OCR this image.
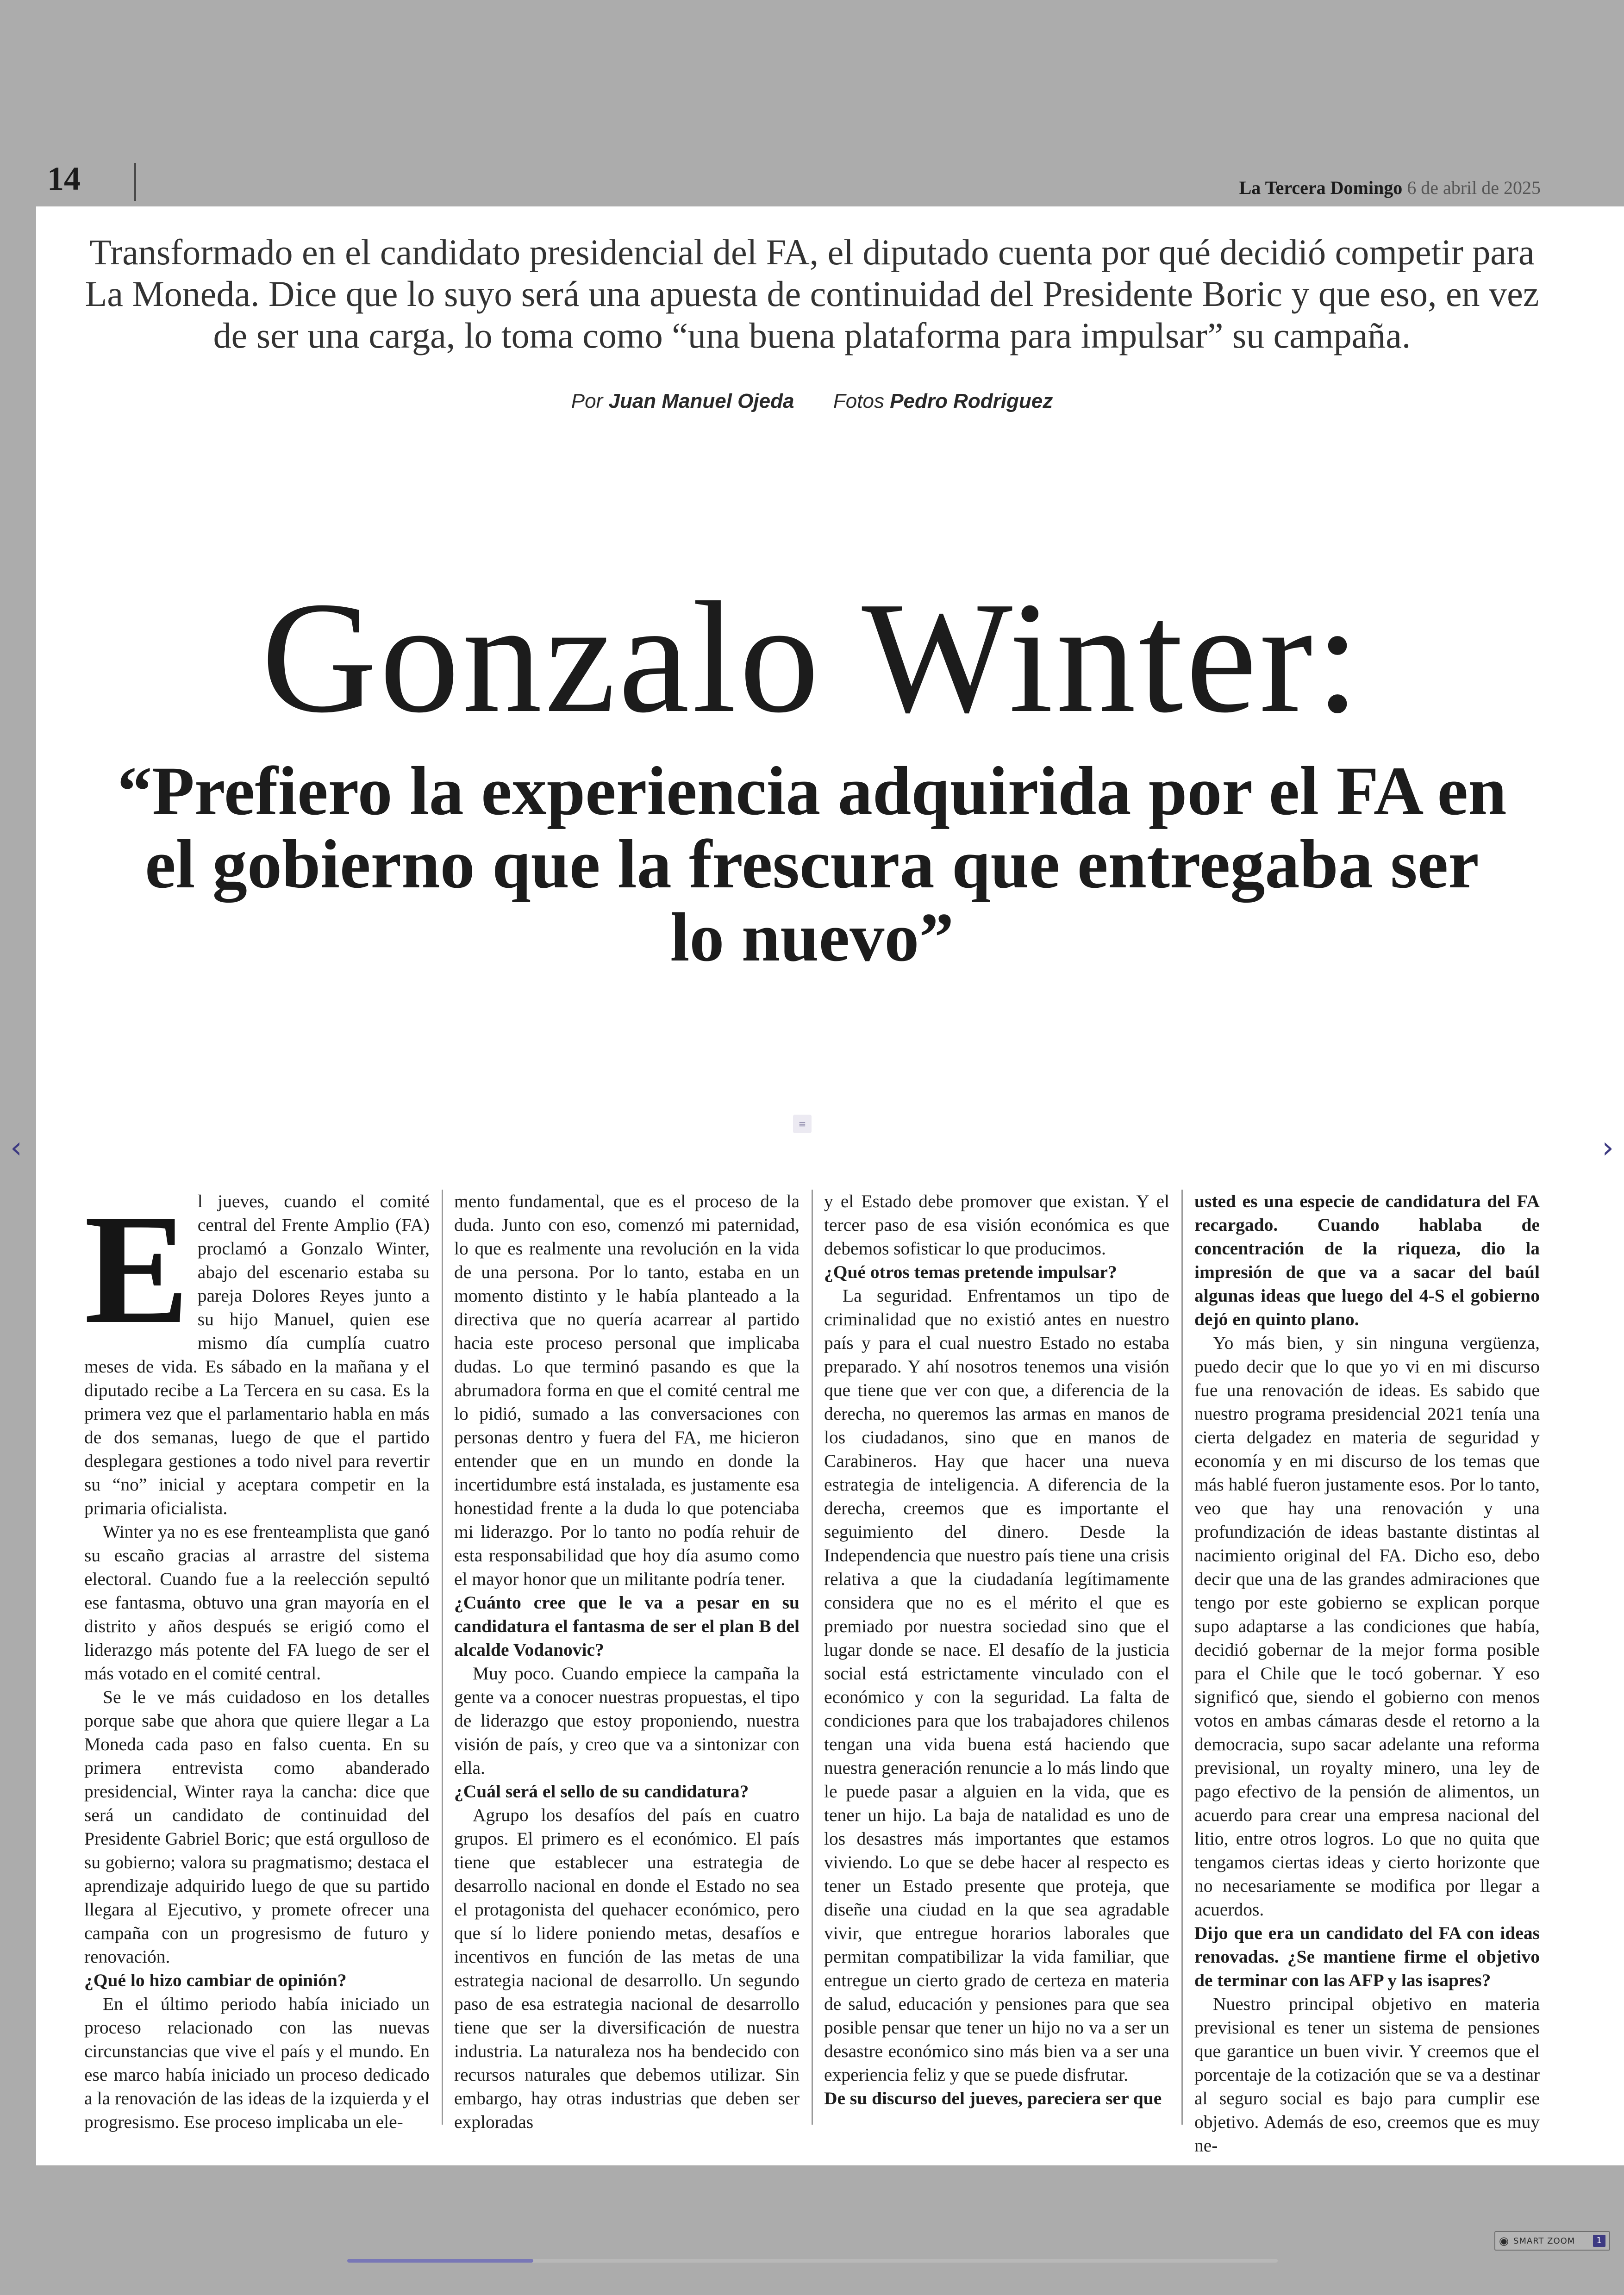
14	La Tercera Domingo 6 de abril de 2025
Transformado en el candidato presidencial del FA, el diputado cuenta por qué decidió competir para La Moneda. Dice que lo suyo será una apuesta de continuidad del Presidente Boric y que eso, en vez de ser una carga, lo toma como “una buena plataforma para impulsar” su campaña.
Por Juan Manuel Ojeda Fotos Pedro Rodriguez
Gonzalo Winter:
“Prefiero la experiencia adquirida por el FA en el gobierno que la frescura que entregaba ser lo nuevo”
≡
‹	›
E l jueves, cuando el comité central del Frente Amplio (FA) proclamó a Gonzalo Winter, abajo del escenario estaba su pareja Dolores Reyes junto a su hijo Manuel, quien ese mismo día cumplía cuatro meses de vida. Es sábado en la mañana y el diputado recibe a La Tercera en su casa. Es la primera vez que el parlamentario habla en más de dos semanas, luego de que el partido desplegara gestiones a todo nivel para revertir su “no” inicial y aceptara competir en la primaria oficialista.

Winter ya no es ese frenteamplista que ganó su escaño gracias al arrastre del sistema electoral. Cuando fue a la reelección sepultó ese fantasma, obtuvo una gran mayoría en el distrito y años después se erigió como el liderazgo más potente del FA luego de ser el más votado en el comité central.

Se le ve más cuidadoso en los detalles porque sabe que ahora que quiere llegar a La Moneda cada paso en falso cuenta. En su primera entrevista como abanderado presidencial, Winter raya la cancha: dice que será un candidato de continuidad del Presidente Gabriel Boric; que está orgulloso de su gobierno; valora su pragmatismo; destaca el aprendizaje adquirido luego de que su partido llegara al Ejecutivo, y promete ofrecer una campaña con un progresismo de futuro y renovación.

¿Qué lo hizo cambiar de opinión?

En el último periodo había iniciado un proceso relacionado con las nuevas circunstancias que vive el país y el mundo. En ese marco había iniciado un proceso dedicado a la renovación de las ideas de la izquierda y el progresismo. Ese proceso implicaba un ele-

mento fundamental, que es el proceso de la duda. Junto con eso, comenzó mi paternidad, lo que es realmente una revolución en la vida de una persona. Por lo tanto, estaba en un momento distinto y le había planteado a la directiva que no quería acarrear al partido hacia este proceso personal que implicaba dudas. Lo que terminó pasando es que la abrumadora forma en que el comité central me lo pidió, sumado a las conversaciones con personas dentro y fuera del FA, me hicieron entender que en un mundo en donde la incertidumbre está instalada, es justamente esa honestidad frente a la duda lo que potenciaba mi liderazgo. Por lo tanto no podía rehuir de esta responsabilidad que hoy día asumo como el mayor honor que un militante podría tener.

¿Cuánto cree que le va a pesar en su candidatura el fantasma de ser el plan B del alcalde Vodanovic?

Muy poco. Cuando empiece la campaña la gente va a conocer nuestras propuestas, el tipo de liderazgo que estoy proponiendo, nuestra visión de país, y creo que va a sintonizar con ella.

¿Cuál será el sello de su candidatura?

Agrupo los desafíos del país en cuatro grupos. El primero es el económico. El país tiene que establecer una estrategia de desarrollo nacional en donde el Estado no sea el protagonista del quehacer económico, pero que sí lo lidere poniendo metas, desafíos e incentivos en función de las metas de una estrategia nacional de desarrollo. Un segundo paso de esa estrategia nacional de desarrollo tiene que ser la diversificación de nuestra industria. La naturaleza nos ha bendecido con recursos naturales que debemos utilizar. Sin embargo, hay otras industrias que deben ser exploradas

y el Estado debe promover que existan. Y el tercer paso de esa visión económica es que debemos sofisticar lo que producimos.

¿Qué otros temas pretende impulsar?

La seguridad. Enfrentamos un tipo de criminalidad que no existió antes en nuestro país y para el cual nuestro Estado no estaba preparado. Y ahí nosotros tenemos una visión que tiene que ver con que, a diferencia de la derecha, no queremos las armas en manos de los ciudadanos, sino que en manos de Carabineros. Hay que hacer una nueva estrategia de inteligencia. A diferencia de la derecha, creemos que es importante el seguimiento del dinero. Desde la Independencia que nuestro país tiene una crisis relativa a que la ciudadanía legítimamente considera que no es el mérito el que es premiado por nuestra sociedad sino que el lugar donde se nace. El desafío de la justicia social está estrictamente vinculado con el económico y con la seguridad. La falta de condiciones para que los trabajadores chilenos tengan una vida buena está haciendo que nuestra generación renuncie a lo más lindo que le puede pasar a alguien en la vida, que es tener un hijo. La baja de natalidad es uno de los desastres más importantes que estamos viviendo. Lo que se debe hacer al respecto es tener un Estado presente que proteja, que diseñe una ciudad en la que sea agradable vivir, que entregue horarios laborales que permitan compatibilizar la vida familiar, que entregue un cierto grado de certeza en materia de salud, educación y pensiones para que sea posible pensar que tener un hijo no va a ser un desastre económico sino más bien va a ser una experiencia feliz y que se puede disfrutar.

De su discurso del jueves, pareciera ser que

usted es una especie de candidatura del FA recargado. Cuando hablaba de concentración de la riqueza, dio la impresión de que va a sacar del baúl algunas ideas que luego del 4-S el gobierno dejó en quinto plano.

Yo más bien, y sin ninguna vergüenza, puedo decir que lo que yo vi en mi discurso fue una renovación de ideas. Es sabido que nuestro programa presidencial 2021 tenía una cierta delgadez en materia de seguridad y economía y en mi discurso de los temas que más hablé fueron justamente esos. Por lo tanto, veo que hay una renovación y una profundización de ideas bastante distintas al nacimiento original del FA. Dicho eso, debo decir que una de las grandes admiraciones que tengo por este gobierno se explican porque supo adaptarse a las condiciones que había, decidió gobernar de la mejor forma posible para el Chile que le tocó gobernar. Y eso significó que, siendo el gobierno con menos votos en ambas cámaras desde el retorno a la democracia, supo sacar adelante una reforma previsional, un royalty minero, una ley de pago efectivo de la pensión de alimentos, un acuerdo para crear una empresa nacional del litio, entre otros logros. Lo que no quita que tengamos ciertas ideas y cierto horizonte que no necesariamente se modifica por llegar a acuerdos.

Dijo que era un candidato del FA con ideas renovadas. ¿Se mantiene firme el objetivo de terminar con las AFP y las isapres?

Nuestro principal objetivo en materia previsional es tener un sistema de pensiones que garantice un buen vivir. Y creemos que el porcentaje de la cotización que se va a destinar al seguro social es bajo para cumplir ese objetivo. Además de eso, creemos que es muy ne-

◉ SMART ZOOM	1
